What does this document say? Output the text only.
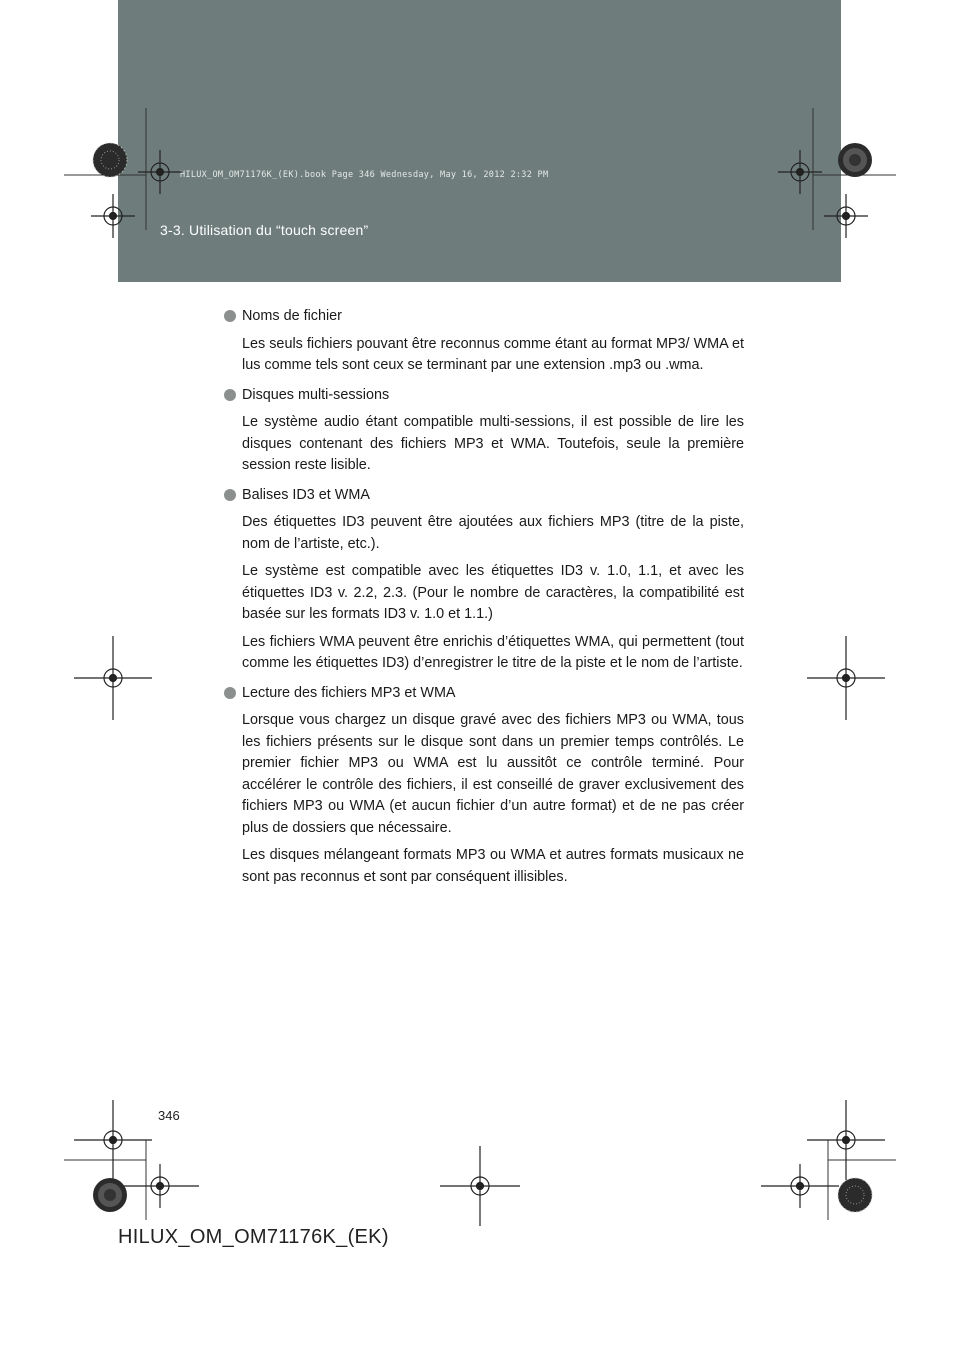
HILUX_OM_OM71176K_(EK).book Page 346 Wednesday, May 16, 2012 2:32 PM
3-3. Utilisation du “touch screen”
Noms de fichier
Les seuls fichiers pouvant être reconnus comme étant au format MP3/ WMA et lus comme tels sont ceux se terminant par une extension .mp3 ou .wma.
Disques multi-sessions
Le système audio étant compatible multi-sessions, il est possible de lire les disques contenant des fichiers MP3 et WMA. Toutefois, seule la première session reste lisible.
Balises ID3 et WMA
Des étiquettes ID3 peuvent être ajoutées aux fichiers MP3 (titre de la piste, nom de l’artiste, etc.).
Le système est compatible avec les étiquettes ID3 v. 1.0, 1.1, et avec les étiquettes ID3 v. 2.2, 2.3. (Pour le nombre de caractères, la compatibilité est basée sur les formats ID3 v. 1.0 et 1.1.)
Les fichiers WMA peuvent être enrichis d’étiquettes WMA, qui permettent (tout comme les étiquettes ID3) d’enregistrer le titre de la piste et le nom de l’artiste.
Lecture des fichiers MP3 et WMA
Lorsque vous chargez un disque gravé avec des fichiers MP3 ou WMA, tous les fichiers présents sur le disque sont dans un premier temps contrôlés. Le premier fichier MP3 ou WMA est lu aussitôt ce contrôle terminé. Pour accélérer le contrôle des fichiers, il est conseillé de graver exclusivement des fichiers MP3 ou WMA (et aucun fichier d’un autre format) et de ne pas créer plus de dossiers que nécessaire.
Les disques mélangeant formats MP3 ou WMA et autres formats musicaux ne sont pas reconnus et sont par conséquent illisibles.
346
HILUX_OM_OM71176K_(EK)
